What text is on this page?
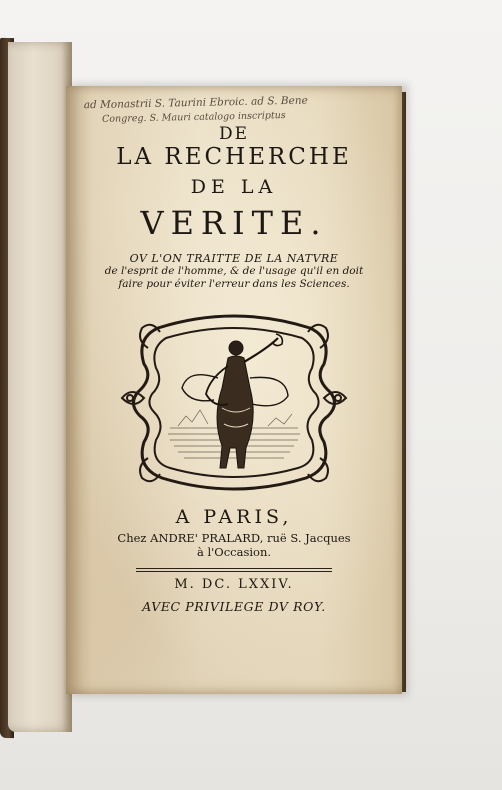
ad Monastrii S. Taurini Ebroic. ad S. Bene
Congreg. S. Mauri catalogo inscriptus
DE
LA RECHERCHE
DE LA
VERITE.
OV L'ON TRAITTE DE LA NATVRE
de l'esprit de l'homme, & de l'usage qu'il en doit
faire pour éviter l'erreur dans les Sciences.
A PARIS,
Chez ANDRE' PRALARD, ruë S. Jacques
à l'Occasion.
M. DC. LXXIV.
AVEC PRIVILEGE DV ROY.
